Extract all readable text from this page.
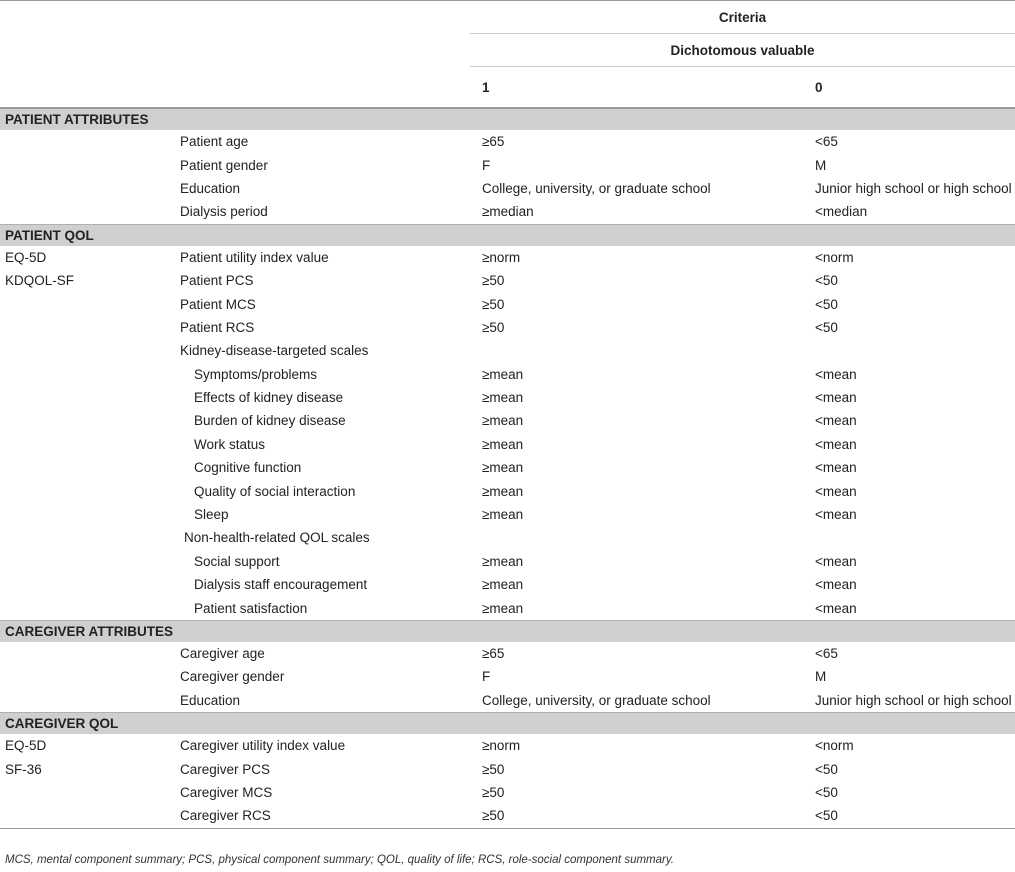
		Criteria	
		Dichotomous valuable	
		1	0
PATIENT ATTRIBUTES			
	Patient age	≥65	<65
	Patient gender	F	M
	Education	College, university, or graduate school	Junior high school or high school
	Dialysis period	≥median	<median
PATIENT QOL			
EQ-5D	Patient utility index value	≥norm	<norm
KDQOL-SF	Patient PCS	≥50	<50
	Patient MCS	≥50	<50
	Patient RCS	≥50	<50
	Kidney-disease-targeted scales		
	Symptoms/problems	≥mean	<mean
	Effects of kidney disease	≥mean	<mean
	Burden of kidney disease	≥mean	<mean
	Work status	≥mean	<mean
	Cognitive function	≥mean	<mean
	Quality of social interaction	≥mean	<mean
	Sleep	≥mean	<mean
	Non-health-related QOL scales		
	Social support	≥mean	<mean
	Dialysis staff encouragement	≥mean	<mean
	Patient satisfaction	≥mean	<mean
CAREGIVER ATTRIBUTES			
	Caregiver age	≥65	<65
	Caregiver gender	F	M
	Education	College, university, or graduate school	Junior high school or high school
CAREGIVER QOL			
EQ-5D	Caregiver utility index value	≥norm	<norm
SF-36	Caregiver PCS	≥50	<50
	Caregiver MCS	≥50	<50
	Caregiver RCS	≥50	<50
MCS, mental component summary; PCS, physical component summary; QOL, quality of life; RCS, role-social component summary.
